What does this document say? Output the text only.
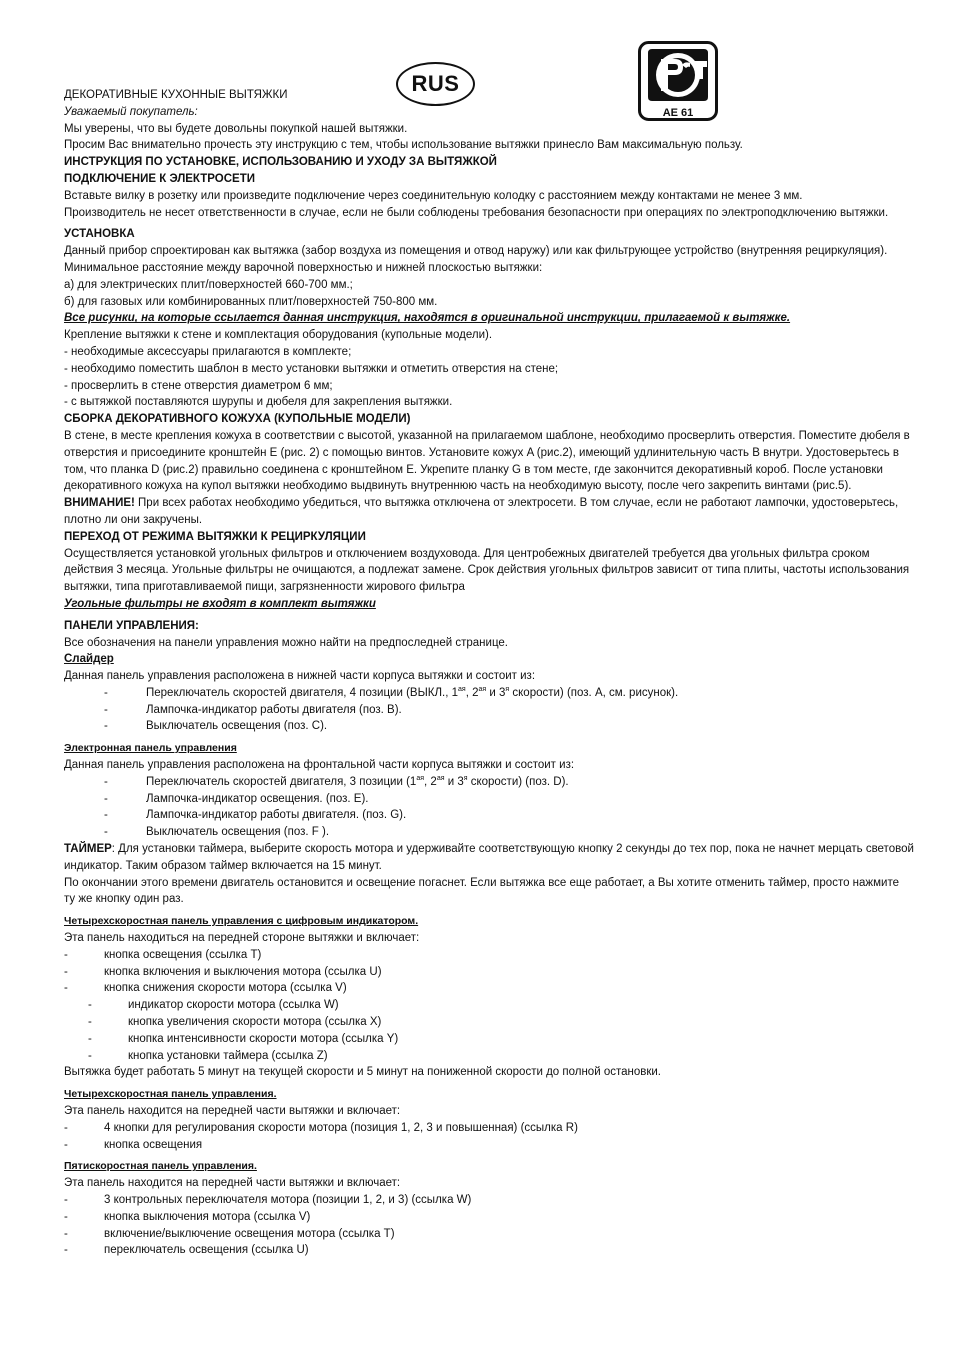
RUS
AE 61

ДЕКОРАТИВНЫЕ КУХОННЫЕ ВЫТЯЖКИ

Уважаемый покупатель:

Мы уверены, что вы будете довольны покупкой нашей вытяжки.

Просим Вас внимательно прочесть эту инструкцию с тем, чтобы использование вытяжки принесло Вам максимальную пользу.

ИНСТРУКЦИЯ ПО УСТАНОВКЕ, ИСПОЛЬЗОВАНИЮ И УХОДУ ЗА ВЫТЯЖКОЙ

ПОДКЛЮЧЕНИЕ К ЭЛЕКТРОСЕТИ

Вставьте вилку в розетку или произведите подключение через соединительную колодку с расстоянием между контактами не менее 3 мм.

Производитель не несет ответственности в случае, если не были соблюдены требования безопасности при операциях по электроподключению вытяжки.

УСТАНОВКА

Данный прибор спроектирован как вытяжка (забор воздуха из помещения и отвод наружу) или как фильтрующее устройство (внутренняя рециркуляция).

Минимальное расстояние между варочной поверхностью и нижней плоскостью вытяжки:

а) для электрических плит/поверхностей 660-700 мм.;

б) для газовых или комбинированных плит/поверхностей 750-800 мм.

Все рисунки, на которые ссылается данная инструкция, находятся в оригинальной инструкции, прилагаемой к вытяжке.

Крепление вытяжки к стене и комплектация оборудования (купольные модели).

- необходимые аксессуары прилагаются в комплекте;

- необходимо поместить шаблон в место установки вытяжки и отметить отверстия на стене;

- просверлить в стене отверстия диаметром 6 мм;

- с вытяжкой поставляются шурупы и дюбеля для закрепления вытяжки.

СБОРКА ДЕКОРАТИВНОГО КОЖУХА (КУПОЛЬНЫЕ МОДЕЛИ)

В стене, в месте крепления кожуха в соответствии с высотой, указанной на прилагаемом шаблоне, необходимо просверлить отверстия. Поместите дюбеля в

отверстия и присоедините кронштейн E (рис. 2) с помощью винтов. Установите кожух A (рис.2), имеющий удлинительную часть B внутри. Удостоверьтесь в

том, что планка D (рис.2) правильно соединена с кронштейном E. Укрепите планку G в том месте, где закончится декоративный короб. После установки

декоративного кожуха на купол вытяжки необходимо выдвинуть внутреннюю часть на необходимую высоту, после чего закрепить винтами (рис.5).

ВНИМАНИЕ! При всех работах необходимо убедиться, что вытяжка отключена от электросети. В том случае, если не работают лампочки, удостоверьтесь,

плотно ли они закручены.

ПЕРЕХОД ОТ РЕЖИМА ВЫТЯЖКИ К РЕЦИРКУЛЯЦИИ

Осуществляется установкой угольных фильтров и отключением воздуховода. Для центробежных двигателей требуется два угольных фильтра сроком

действия 3 месяца. Угольные фильтры не очищаются, а подлежат замене. Срок действия угольных фильтров зависит от типа плиты, частоты использования

вытяжки, типа приготавливаемой пищи, загрязненности жирового фильтра

Угольные фильтры не входят в комплект вытяжки

ПАНЕЛИ УПРАВЛЕНИЯ:

Все обозначения на панели управления можно найти на предпоследней странице.

Слайдер

Данная панель управления расположена в нижней части корпуса вытяжки и состоит из:

-	Переключатель скоростей двигателя, 4 позиции (ВЫКЛ., $1^{ая}$, $2^{ая}$ и $3^я$ скорости) (поз. A, см. рисунок).

-	Лампочка-индикатор работы двигателя (поз. B).

-	Выключатель освещения (поз. C).

Электронная панель управления

Данная панель управления расположена на фронтальной части корпуса вытяжки и состоит из:

-	Переключатель скоростей двигателя, 3 позиции ($1^{ая}$, $2^{ая}$ и $3^я$ скорости) (поз. D).

-	Лампочка-индикатор освещения. (поз. E).

-	Лампочка-индикатор работы двигателя. (поз. G).

-	Выключатель освещения (поз. F ).

ТАЙМЕР: Для установки таймера, выберите скорость мотора и удерживайте соответствующую кнопку 2 секунды до тех пор, пока не начнет мерцать световой

индикатор. Таким образом таймер включается на 15 минут.

По окончании этого времени двигатель остановится и освещение погаснет. Если вытяжка все еще работает, а Вы хотите отменить таймер, просто нажмите

ту же кнопку один раз.

Четырехскоростная панель управления с цифровым индикатором.

Эта панель находиться на передней стороне вытяжки и включает:

-	кнопка освещения (ссылка T)

-	кнопка включения и выключения мотора (ссылка U)

-	кнопка снижения скорости мотора (ссылка V)

-	индикатор скорости мотора (ссылка W)

-	кнопка увеличения скорости мотора (ссылка X)

-	кнопка интенсивности скорости мотора (ссылка Y)

-	кнопка установки таймера (ссылка Z)

Вытяжка будет работать 5 минут на текущей скорости и 5 минут на пониженной скорости до полной остановки.

Четырехскоростная панель управления.

Эта панель находится на передней части вытяжки и включает:

-	4 кнопки для регулирования скорости мотора (позиция 1, 2, 3 и повышенная) (ссылка R)

-	кнопка освещения

Пятискоростная панель управления.

Эта панель находится на передней части вытяжки и включает:

-	3 контрольных переключателя мотора (позиции 1, 2, и 3) (ссылка W)

-	кнопка выключения мотора (ссылка V)

-	включение/выключение освещения мотора (ссылка T)

-	переключатель освещения (ссылка U)
